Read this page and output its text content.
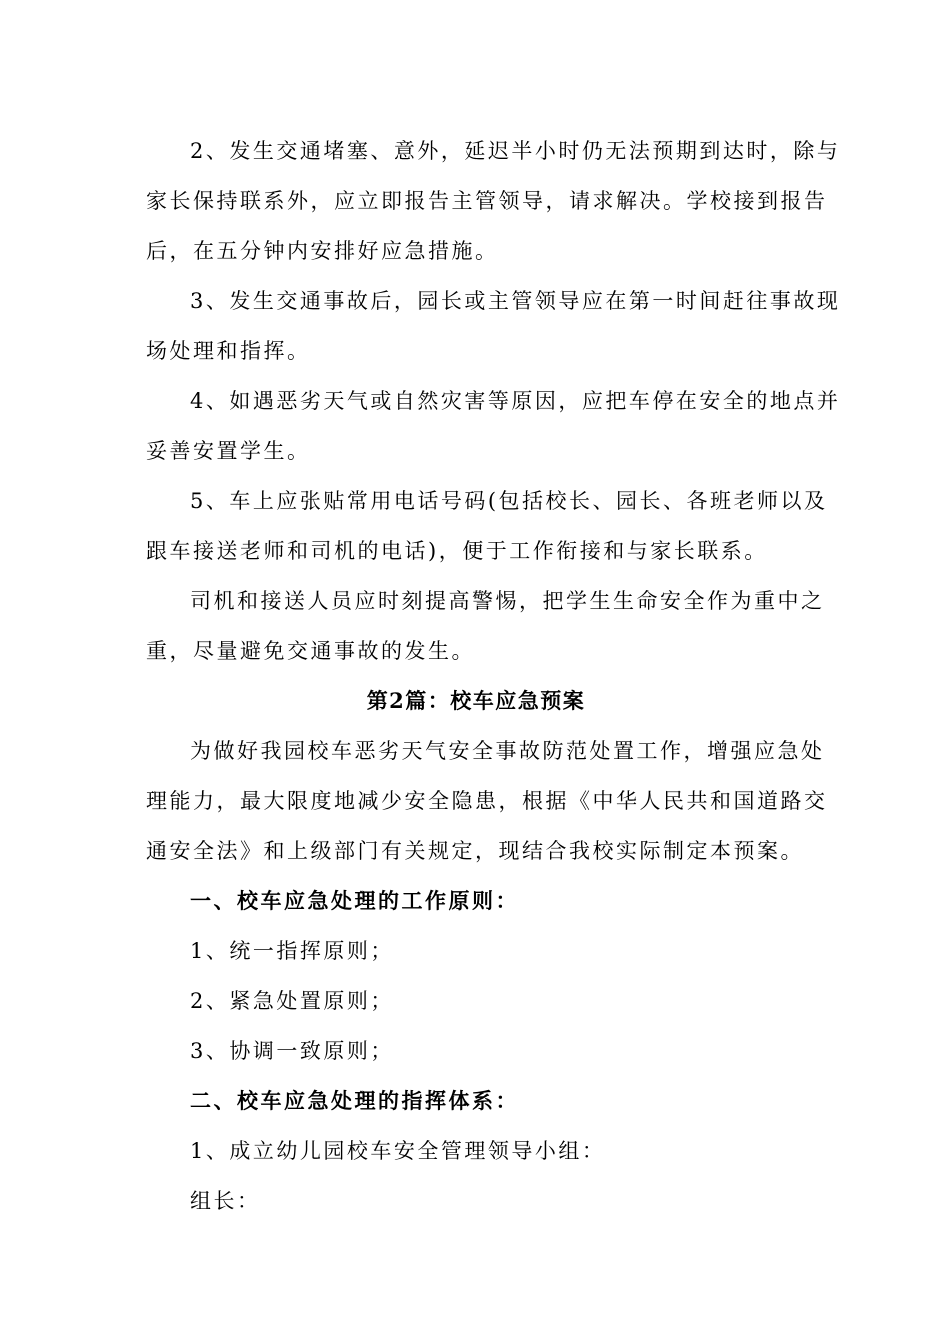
2、发生交通堵塞、意外，延迟半小时仍无法预期到达时，除与
家长保持联系外，应立即报告主管领导，请求解决。学校接到报告
后，在五分钟内安排好应急措施。
3、发生交通事故后，园长或主管领导应在第一时间赶往事故现
场处理和指挥。
4、如遇恶劣天气或自然灾害等原因，应把车停在安全的地点并
妥善安置学生。
5、车上应张贴常用电话号码(包括校长、园长、各班老师以及
跟车接送老师和司机的电话)，便于工作衔接和与家长联系。
司机和接送人员应时刻提高警惕，把学生生命安全作为重中之
重，尽量避免交通事故的发生。
第2篇：校车应急预案
为做好我园校车恶劣天气安全事故防范处置工作，增强应急处
理能力，最大限度地减少安全隐患，根据《中华人民共和国道路交
通安全法》和上级部门有关规定，现结合我校实际制定本预案。
一、校车应急处理的工作原则：
1、统一指挥原则；
2、紧急处置原则；
3、协调一致原则；
二、校车应急处理的指挥体系：
1、成立幼儿园校车安全管理领导小组：
组长：
